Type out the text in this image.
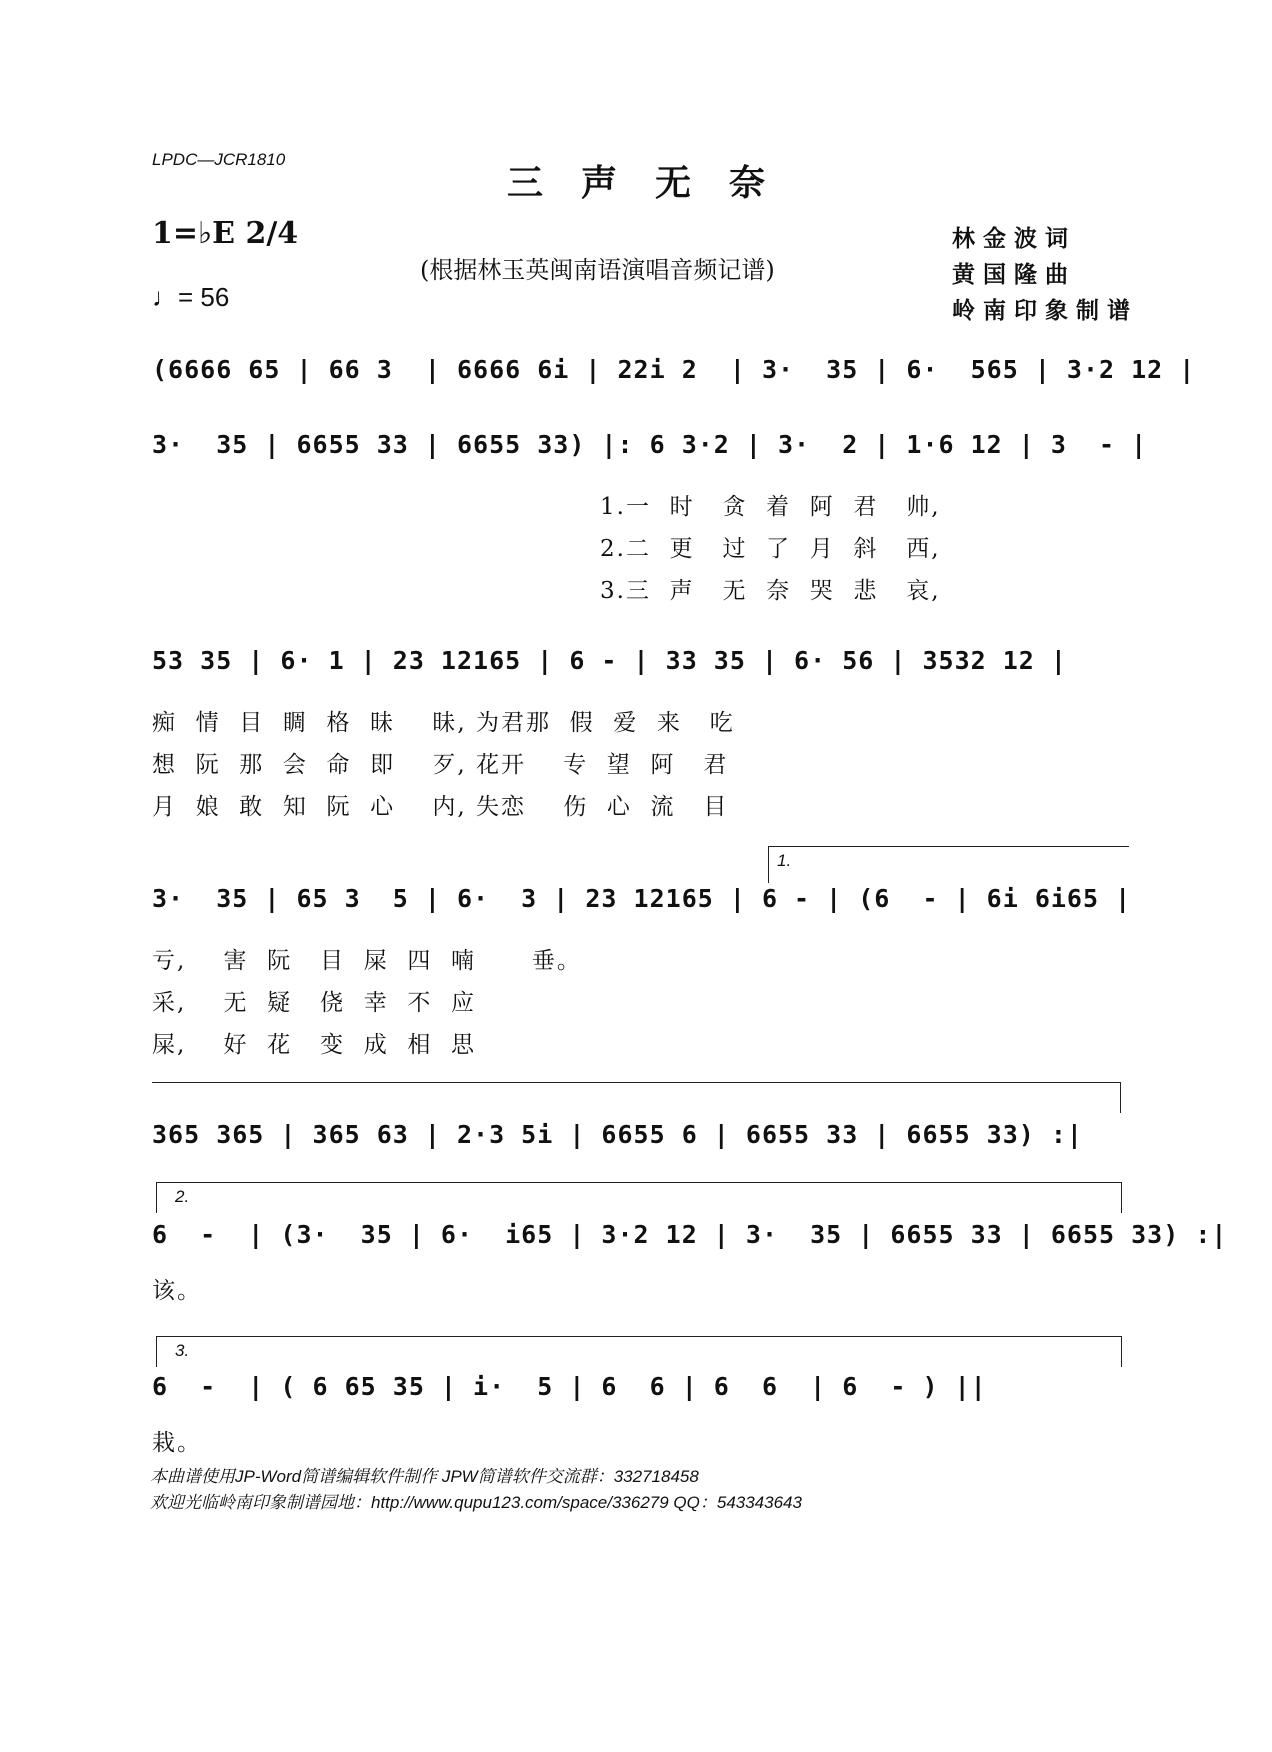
LPDC—JCR1810
三声无奈
1=♭E 2/4
♩= 56
(根据林玉英闽南语演唱音频记谱)
林金波词
黄国隆曲
岭南印象制谱
(6666 65 | 66 3  | 6666 6i | 22i 2  | 3·  35 | 6·  565 | 3·2 12 |
3·  35 | 6655 33 | 6655 33) |: 6 3·2 | 3·  2 | 1·6 12 | 3  - |
1.一  时   贪  着  阿  君   帅,
2.二  更   过  了  月  斜   西,
3.三  声   无  奈  哭  悲   哀,
53 35 | 6· 1 | 23 12165 | 6 - | 33 35 | 6· 56 | 3532 12 |
痴  情  目  睭  格  昧    昧, 为君那  假  爱  来   吃
想  阮  那  会  命  即    歹, 花开    专  望  阿   君
月  娘  敢  知  阮  心    内, 失恋    伤  心  流   目
1.
3·  35 | 65 3  5 | 6·  3 | 23 12165 | 6 - | (6  - | 6i 6i65 |
亏,    害  阮   目  屎  四  喃      垂。
采,    无  疑   侥  幸  不  应
屎,    好  花   变  成  相  思
365 365 | 365 63 | 2·3 5i | 6655 6 | 6655 33 | 6655 33) :|
2.
6  -  | (3·  35 | 6·  i65 | 3·2 12 | 3·  35 | 6655 33 | 6655 33) :|
该。
3.
6  -  | ( 6 65 35 | i·  5 | 6  6 | 6  6  | 6  - ) ||
栽。
本曲谱使用JP-Word简谱编辑软件制作 JPW简谱软件交流群：332718458
欢迎光临岭南印象制谱园地：http://www.qupu123.com/space/336279 QQ：543343643
